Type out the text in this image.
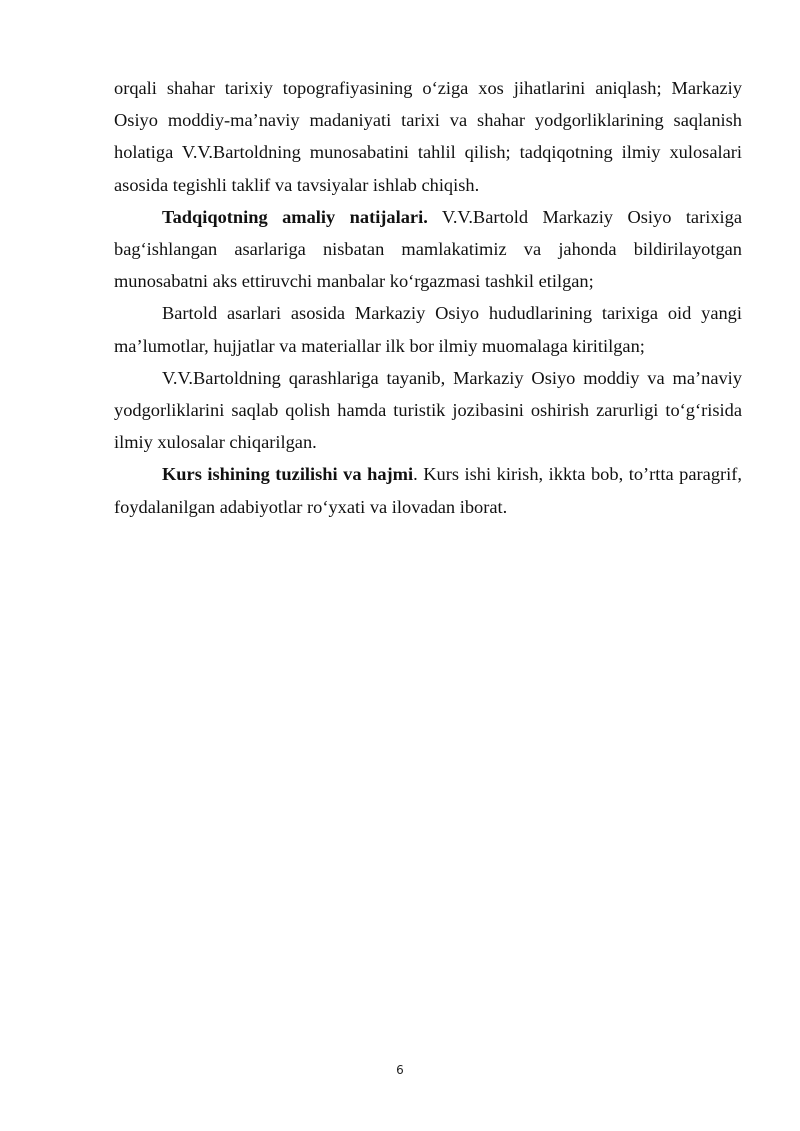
orqali shahar tarixiy topografiyasining o‘ziga xos jihatlarini aniqlash; Markaziy Osiyo moddiy-ma’naviy madaniyati tarixi va shahar yodgorliklarining saqlanish holatiga V.V.Bartoldning munosabatini tahlil qilish; tadqiqotning ilmiy xulosalari asosida tegishli taklif va tavsiyalar ishlab chiqish.

Tadqiqotning amaliy natijalari. V.V.Bartold Markaziy Osiyo tarixiga bag‘ishlangan asarlariga nisbatan mamlakatimiz va jahonda bildirilayotgan munosabatni aks ettiruvchi manbalar ko‘rgazmasi tashkil etilgan;

Bartold asarlari asosida Markaziy Osiyo hududlarining tarixiga oid yangi ma’lumotlar, hujjatlar va materiallar ilk bor ilmiy muomalaga kiritilgan;

V.V.Bartoldning qarashlariga tayanib, Markaziy Osiyo moddiy va ma’naviy yodgorliklarini saqlab qolish hamda turistik jozibasini oshirish zarurligi to‘g‘risida ilmiy xulosalar chiqarilgan.

Kurs ishining tuzilishi va hajmi. Kurs ishi kirish, ikkta bob, to’rtta paragrif, foydalanilgan adabiyotlar ro‘yxati va ilovadan iborat.

6
